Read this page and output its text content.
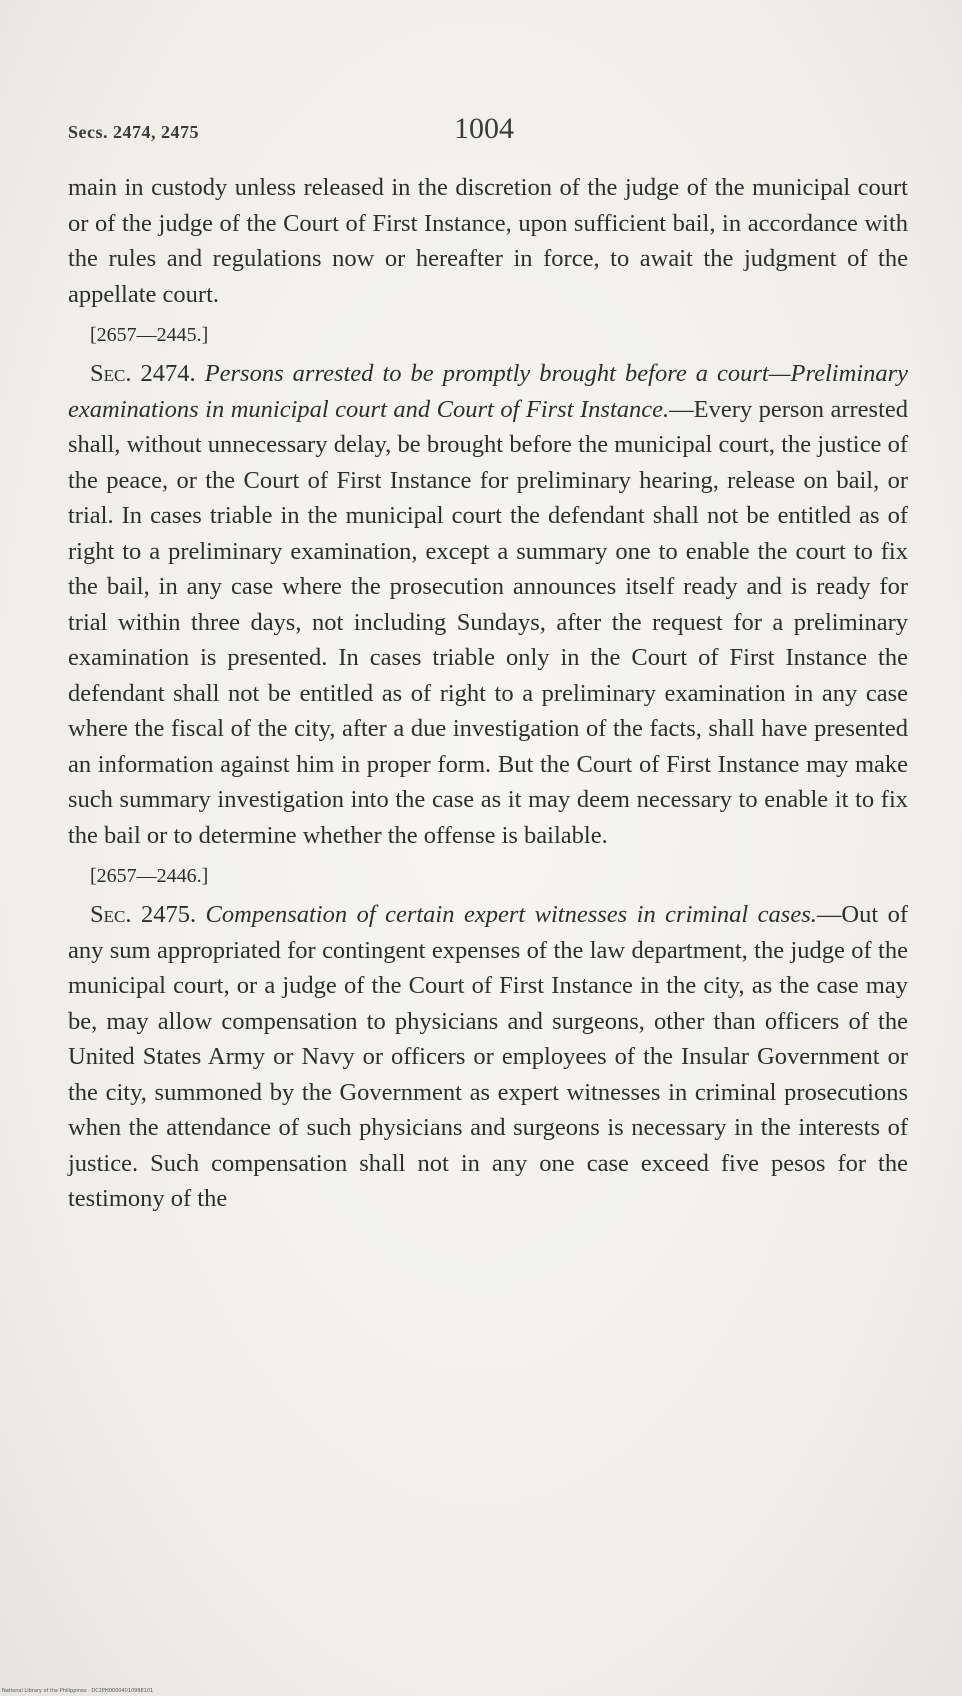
Secs. 2474, 2475	1004

main in custody unless released in the discretion of the judge of the municipal court or of the judge of the Court of First Instance, upon sufficient bail, in accordance with the rules and regulations now or hereafter in force, to await the judgment of the appellate court.

[2657—2445.]

Sec. 2474. Persons arrested to be promptly brought before a court—Preliminary examinations in municipal court and Court of First Instance.—Every person arrested shall, without unnecessary delay, be brought before the municipal court, the justice of the peace, or the Court of First Instance for preliminary hearing, release on bail, or trial. In cases triable in the municipal court the defendant shall not be entitled as of right to a preliminary examination, except a summary one to enable the court to fix the bail, in any case where the prosecution announces itself ready and is ready for trial within three days, not including Sundays, after the request for a preliminary examination is presented. In cases triable only in the Court of First Instance the defendant shall not be entitled as of right to a preliminary examination in any case where the fiscal of the city, after a due investigation of the facts, shall have presented an information against him in proper form. But the Court of First Instance may make such summary investigation into the case as it may deem necessary to enable it to fix the bail or to determine whether the offense is bailable.

[2657—2446.]

Sec. 2475. Compensation of certain expert witnesses in criminal cases.—Out of any sum appropriated for contingent expenses of the law department, the judge of the municipal court, or a judge of the Court of First Instance in the city, as the case may be, may allow compensation to physicians and surgeons, other than officers of the United States Army or Navy or officers or employees of the Insular Government or the city, summoned by the Government as expert witnesses in criminal prosecutions when the attendance of such physicians and surgeons is necessary in the interests of justice. Such compensation shall not in any one case exceed five pesos for the testimony of the

National Library of the Philippines · DC2PH00004010998101
